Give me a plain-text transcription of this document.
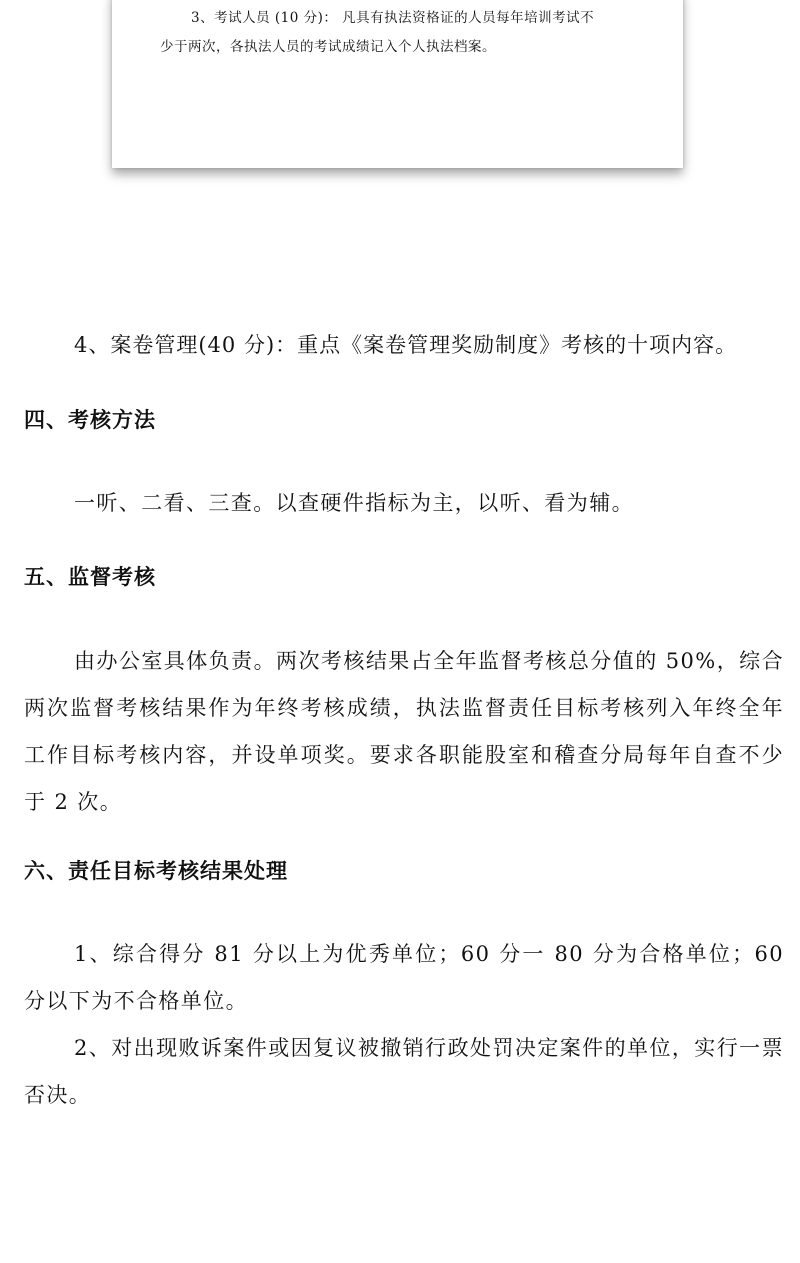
3、考试人员 (10 分)： 凡具有执法资格证的人员每年培训考试不
少于两次，各执法人员的考试成绩记入个人执法档案。

4、案卷管理(40 分)：重点《案卷管理奖励制度》考核的十项内容。

四、考核方法

一听、二看、三查。以查硬件指标为主，以听、看为辅。

五、监督考核

由办公室具体负责。两次考核结果占全年监督考核总分值的 50%，综合两次监督考核结果作为年终考核成绩，执法监督责任目标考核列入年终全年工作目标考核内容，并设单项奖。要求各职能股室和稽查分局每年自查不少于 2 次。

六、责任目标考核结果处理

1、综合得分 81 分以上为优秀单位；60 分一 80 分为合格单位；60 分以下为不合格单位。

2、对出现败诉案件或因复议被撤销行政处罚决定案件的单位，实行一票否决。
